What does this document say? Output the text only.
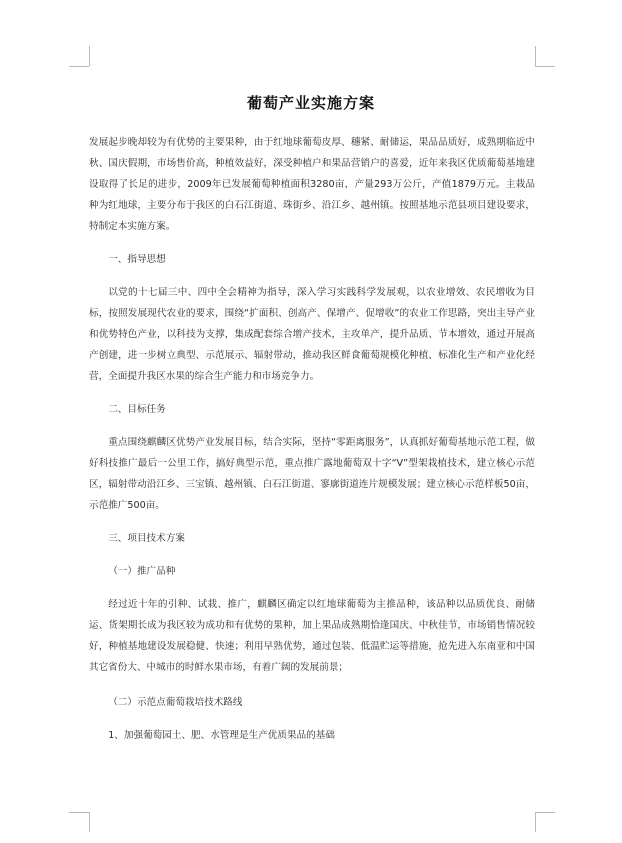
葡萄产业实施方案

发展起步晚却较为有优势的主要果种，由于红地球葡萄皮厚、穗紧、耐储运，果品品质好，成熟期临近中秋、国庆假期，市场售价高，种植效益好，深受种植户和果品营销户的喜爱，近年来我区优质葡萄基地建设取得了长足的进步，2009年已发展葡萄种植面积3280亩，产量293万公斤，产值1879万元。主栽品种为红地球，主要分布于我区的白石江街道、珠街乡、沿江乡、越州镇。按照基地示范县项目建设要求，特制定本实施方案。

一、指导思想

以党的十七届三中、四中全会精神为指导，深入学习实践科学发展观，以农业增效、农民增收为目标，按照发展现代农业的要求，围绕“扩面积、创高产、保增产、促增收”的农业工作思路，突出主导产业和优势特色产业，以科技为支撑，集成配套综合增产技术，主攻单产，提升品质、节本增效，通过开展高产创建，进一步树立典型、示范展示、辐射带动，推动我区鲜食葡萄规模化种植、标准化生产和产业化经营，全面提升我区水果的综合生产能力和市场竞争力。

二、目标任务

重点围绕麒麟区优势产业发展目标，结合实际，坚持“零距离服务”，认真抓好葡萄基地示范工程，做好科技推广最后一公里工作，搞好典型示范，重点推广露地葡萄双十字“V”型架栽植技术，建立核心示范区，辐射带动沿江乡、三宝镇、越州镇、白石江街道、寥廓街道连片规模发展；建立核心示范样板50亩，示范推广500亩。

三、项目技术方案

（一）推广品种

经过近十年的引种、试栽、推广，麒麟区确定以红地球葡萄为主推品种，该品种以品质优良、耐储运、货架期长成为我区较为成功和有优势的果种，加上果品成熟期恰逢国庆、中秋佳节，市场销售情况较好，种植基地建设发展稳健、快速；利用早熟优势，通过包装、低温贮运等措施，抢先进入东南亚和中国其它省份大、中城市的时鲜水果市场，有着广阔的发展前景；

（二）示范点葡萄栽培技术路线

1、加强葡萄园土、肥、水管理是生产优质果品的基础
